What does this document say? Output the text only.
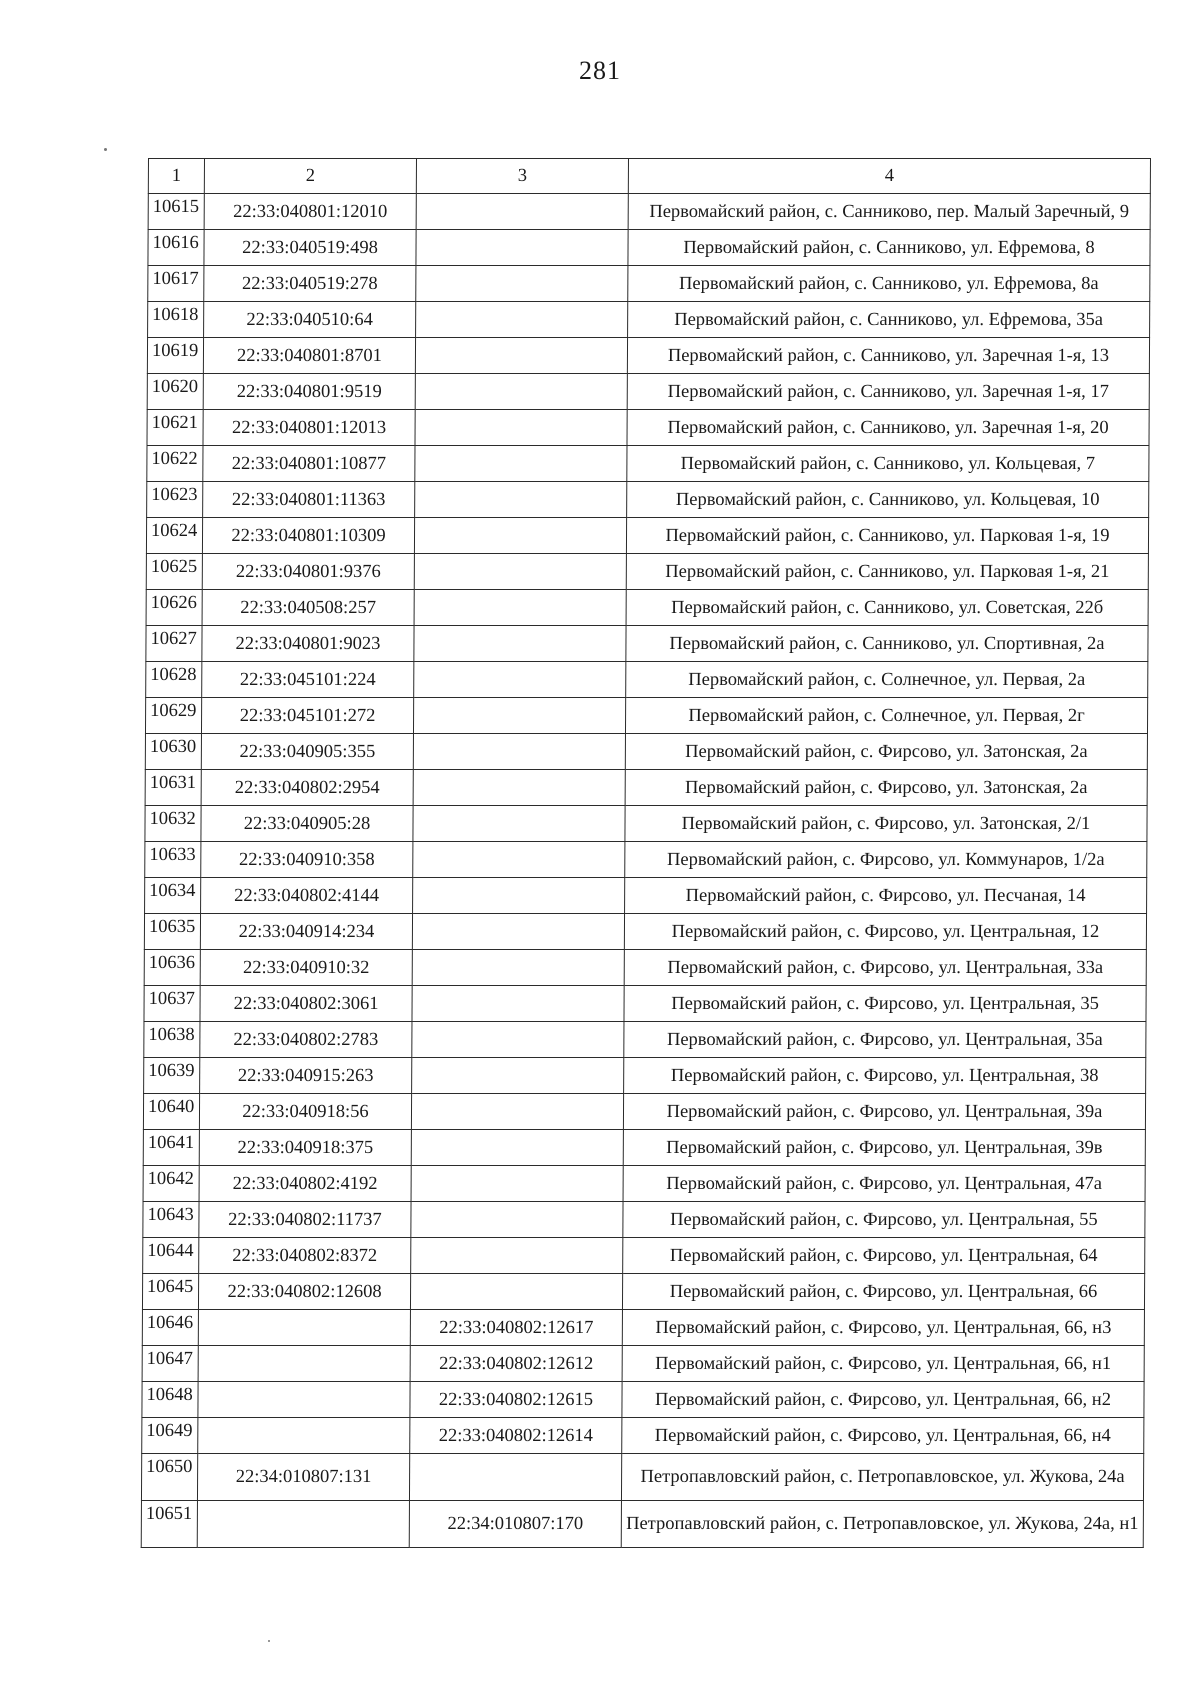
281
1	2	3	4
10615	22:33:040801:12010		Первомайский район, с. Санниково, пер. Малый Заречный, 9
10616	22:33:040519:498		Первомайский район, с. Санниково, ул. Ефремова, 8
10617	22:33:040519:278		Первомайский район, с. Санниково, ул. Ефремова, 8а
10618	22:33:040510:64		Первомайский район, с. Санниково, ул. Ефремова, 35а
10619	22:33:040801:8701		Первомайский район, с. Санниково, ул. Заречная 1-я, 13
10620	22:33:040801:9519		Первомайский район, с. Санниково, ул. Заречная 1-я, 17
10621	22:33:040801:12013		Первомайский район, с. Санниково, ул. Заречная 1-я, 20
10622	22:33:040801:10877		Первомайский район, с. Санниково, ул. Кольцевая, 7
10623	22:33:040801:11363		Первомайский район, с. Санниково, ул. Кольцевая, 10
10624	22:33:040801:10309		Первомайский район, с. Санниково, ул. Парковая 1-я, 19
10625	22:33:040801:9376		Первомайский район, с. Санниково, ул. Парковая 1-я, 21
10626	22:33:040508:257		Первомайский район, с. Санниково, ул. Советская, 22б
10627	22:33:040801:9023		Первомайский район, с. Санниково, ул. Спортивная, 2а
10628	22:33:045101:224		Первомайский район, с. Солнечное, ул. Первая, 2а
10629	22:33:045101:272		Первомайский район, с. Солнечное, ул. Первая, 2г
10630	22:33:040905:355		Первомайский район, с. Фирсово, ул. Затонская, 2а
10631	22:33:040802:2954		Первомайский район, с. Фирсово, ул. Затонская, 2а
10632	22:33:040905:28		Первомайский район, с. Фирсово, ул. Затонская, 2/1
10633	22:33:040910:358		Первомайский район, с. Фирсово, ул. Коммунаров, 1/2а
10634	22:33:040802:4144		Первомайский район, с. Фирсово, ул. Песчаная, 14
10635	22:33:040914:234		Первомайский район, с. Фирсово, ул. Центральная, 12
10636	22:33:040910:32		Первомайский район, с. Фирсово, ул. Центральная, 33а
10637	22:33:040802:3061		Первомайский район, с. Фирсово, ул. Центральная, 35
10638	22:33:040802:2783		Первомайский район, с. Фирсово, ул. Центральная, 35а
10639	22:33:040915:263		Первомайский район, с. Фирсово, ул. Центральная, 38
10640	22:33:040918:56		Первомайский район, с. Фирсово, ул. Центральная, 39а
10641	22:33:040918:375		Первомайский район, с. Фирсово, ул. Центральная, 39в
10642	22:33:040802:4192		Первомайский район, с. Фирсово, ул. Центральная, 47а
10643	22:33:040802:11737		Первомайский район, с. Фирсово, ул. Центральная, 55
10644	22:33:040802:8372		Первомайский район, с. Фирсово, ул. Центральная, 64
10645	22:33:040802:12608		Первомайский район, с. Фирсово, ул. Центральная, 66
10646		22:33:040802:12617	Первомайский район, с. Фирсово, ул. Центральная, 66, н3
10647		22:33:040802:12612	Первомайский район, с. Фирсово, ул. Центральная, 66, н1
10648		22:33:040802:12615	Первомайский район, с. Фирсово, ул. Центральная, 66, н2
10649		22:33:040802:12614	Первомайский район, с. Фирсово, ул. Центральная, 66, н4
10650	22:34:010807:131		Петропавловский район, с. Петропавловское, ул. Жукова, 24а
10651		22:34:010807:170	Петропавловский район, с. Петропавловское, ул. Жукова, 24а, н1
